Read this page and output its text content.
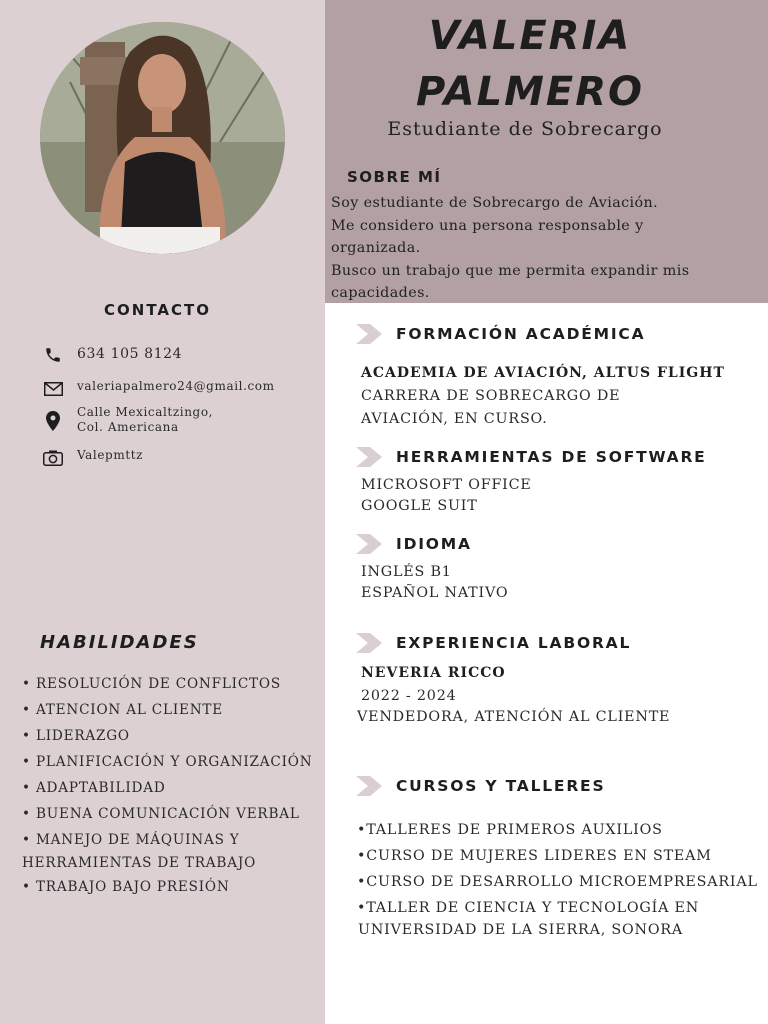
VALERIA
PALMERO
Estudiante de Sobrecargo
SOBRE MÍ

Soy estudiante de Sobrecargo de Aviación.

Me considero una persona responsable y

organizada.

Busco un trabajo que me permita expandir mis

capacidades.

CONTACTO
634 105 8124
valeriapalmero24@gmail.com
Calle Mexicaltzingo,
Col. Americana
Valepmttz
HABILIDADES
• RESOLUCIÓN DE CONFLICTOS
• ATENCION AL CLIENTE
• LIDERAZGO
• PLANIFICACIÓN Y ORGANIZACIÓN
• ADAPTABILIDAD
• BUENA COMUNICACIÓN VERBAL
• MANEJO DE MÁQUINAS Y HERRAMIENTAS DE TRABAJO
• TRABAJO BAJO PRESIÓN
FORMACIÓN ACADÉMICA
ACADEMIA DE AVIACIÓN, ALTUS FLIGHT
CARRERA DE SOBRECARGO DE
AVIACIÓN, EN CURSO.
HERRAMIENTAS DE SOFTWARE
MICROSOFT OFFICE
GOOGLE SUIT
IDIOMA
INGLÉS B1
ESPAÑOL NATIVO
EXPERIENCIA LABORAL
NEVERIA RICCO
2022 - 2024
VENDEDORA, ATENCIÓN AL CLIENTE
CURSOS Y TALLERES
•TALLERES DE PRIMEROS AUXILIOS
•CURSO DE MUJERES LIDERES EN STEAM
•CURSO DE DESARROLLO MICROEMPRESARIAL
•TALLER DE CIENCIA Y TECNOLOGÍA EN
UNIVERSIDAD DE LA SIERRA, SONORA
